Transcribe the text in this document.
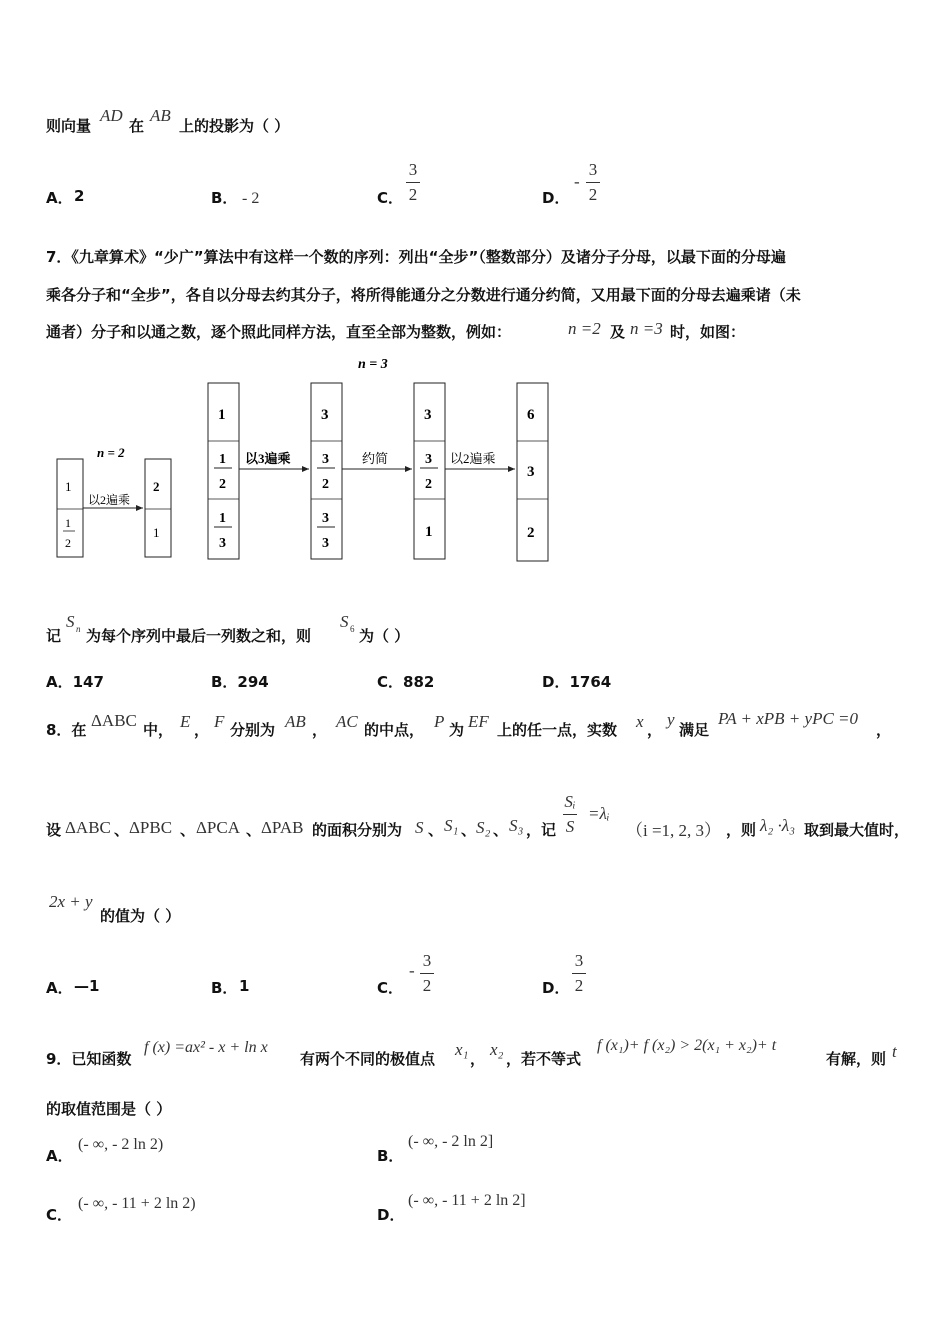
则向量
AD
在
AB
上的投影为（ ）
A． 2	B． - 2	C．
3
2	D．
-
3
2
7．《九章算术》“少广”算法中有这样一个数的序列：列出“全步”（整数部分）及诸分子分母，以最下面的分母遍
乘各分子和“全步”，各自以分母去约其分子，将所得能通分之分数进行通分约简，又用最下面的分母去遍乘诸（未
通者）分子和以通之数，逐个照此同样方法，直至全部为整数，例如：	n =2 及 n =3 时，如图：
n = 3
n = 2
1
1
2
以2遍乘
2
1
1
1
2
1
3
以3遍乘
3
3
2
3
3
约简
3
3
2
1
以2遍乘
6
3
2
记
S n 为每个序列中最后一列数之和，则
S 6 为（ ）
A．147	B．294	C．882	D．1764
8．在 ΔABC 中， E ， F 分别为 AB ， AC 的中点， P 为 EF 上的任一点，实数 x ，
y
满足
PA + xPB + yPC =0
，
设 ΔABC 、 ΔPBC 、 ΔPCA 、 ΔPAB 的面积分别为 S 、 S₁ 、 S₂ 、 S₃ ，记
Sᵢ
S
=λᵢ
（i =1, 2, 3） ，则 λ₂ ·λ₃ 取到最大值时，
2x + y
的值为（ ）
A． —1	B． 1	C．
-
3
2	D．
3
2
9．已知函数
f (x) =ax² - x + ln x
有两个不同的极值点 x₁ ， x₂ ，若不等式
f (x₁)+ f (x₂) > 2(x₁ + x₂)+ t
有解，则 t
的取值范围是（ ）
A．
(- ∞, - 2 ln 2)
B．
(- ∞, - 2 ln 2]
C．
(- ∞, - 11 + 2 ln 2)
D．
(- ∞, - 11 + 2 ln 2]
